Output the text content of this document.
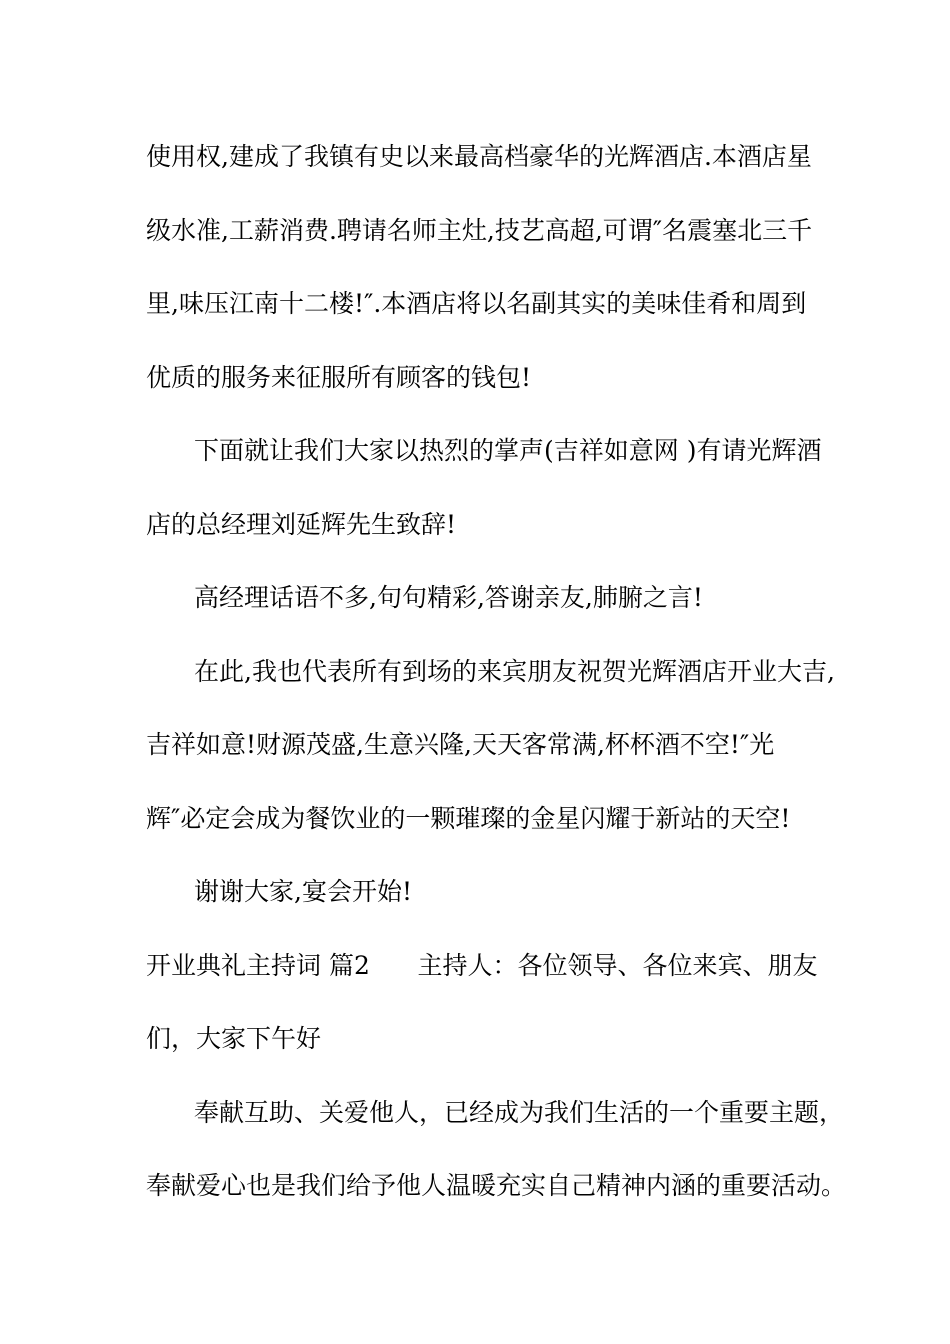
使用权,建成了我镇有史以来最高档豪华的光辉酒店.本酒店星
级水准,工薪消费.聘请名师主灶,技艺高超,可谓″名震塞北三千
里,味压江南十二楼!″.本酒店将以名副其实的美味佳肴和周到
优质的服务来征服所有顾客的钱包!
下面就让我们大家以热烈的掌声(吉祥如意网 )有请光辉酒
店的总经理刘延辉先生致辞!
高经理话语不多,句句精彩,答谢亲友,肺腑之言!
在此,我也代表所有到场的来宾朋友祝贺光辉酒店开业大吉,
吉祥如意!财源茂盛,生意兴隆,天天客常满,杯杯酒不空!″光
辉″必定会成为餐饮业的一颗璀璨的金星闪耀于新站的天空!
谢谢大家,宴会开始!
开业典礼主持词 篇2      主持人：各位领导、各位来宾、朋友
们，大家下午好
奉献互助、关爱他人，已经成为我们生活的一个重要主题，
奉献爱心也是我们给予他人温暖充实自己精神内涵的重要活动。
